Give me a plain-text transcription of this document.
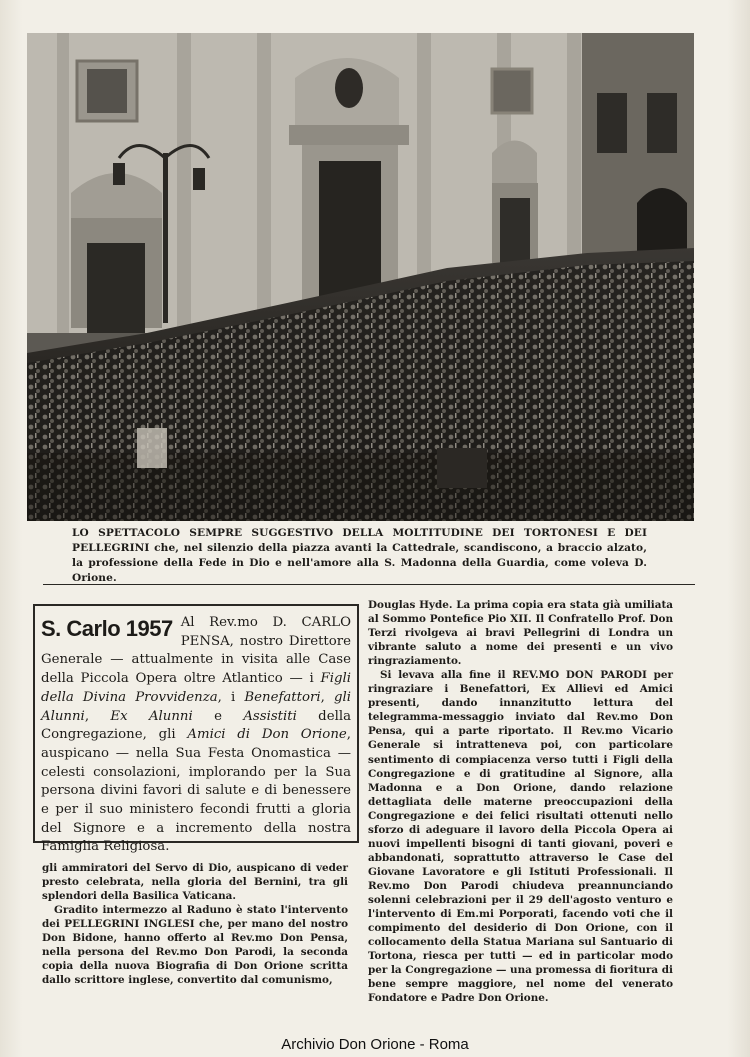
LO SPETTACOLO SEMPRE SUGGESTIVO DELLA MOLTITUDINE DEI TORTONESI E DEI PELLEGRINI che, nel silenzio della piazza avanti la Cattedrale, scandiscono, a braccio alzato, la professione della Fede in Dio e nell'amore alla S. Madonna della Guardia, come voleva D. Orione.
S. Carlo 1957 Al Rev.mo D. CARLO PENSA, nostro Direttore Generale — attualmente in visita alle Case della Piccola Opera oltre Atlantico — i Figli della Divina Provvidenza, i Benefattori, gli Alunni, Ex Alunni e Assistiti della Congregazione, gli Amici di Don Orione, auspicano — nella Sua Festa Onomastica — celesti consolazioni, implorando per la Sua persona divini favori di salute e di benessere e per il suo ministero fecondi frutti a gloria del Signore e a incremento della nostra Famiglia Religiosa.

gli ammiratori del Servo di Dio, auspicano di veder presto celebrata, nella gloria del Bernini, tra gli splendori della Basilica Vaticana.

Gradito intermezzo al Raduno è stato l'intervento dei PELLEGRINI INGLESI che, per mano del nostro Don Bidone, hanno offerto al Rev.mo Don Pensa, nella persona del Rev.mo Don Parodi, la seconda copia della nuova Biografia di Don Orione scritta dallo scrittore inglese, convertito dal comunismo,

Douglas Hyde. La prima copia era stata già umiliata al Sommo Pontefice Pio XII. Il Confratello Prof. Don Terzi rivolgeva ai bravi Pellegrini di Londra un vibrante saluto a nome dei presenti e un vivo ringraziamento.

Si levava alla fine il REV.MO DON PARODI per ringraziare i Benefattori, Ex Allievi ed Amici presenti, dando innanzitutto lettura del telegramma-messaggio inviato dal Rev.mo Don Pensa, qui a parte riportato. Il Rev.mo Vicario Generale si intratteneva poi, con particolare sentimento di compiacenza verso tutti i Figli della Congregazione e di gratitudine al Signore, alla Madonna e a Don Orione, dando relazione dettagliata delle materne preoccupazioni della Congregazione e dei felici risultati ottenuti nello sforzo di adeguare il lavoro della Piccola Opera ai nuovi impellenti bisogni di tanti giovani, poveri e abbandonati, soprattutto attraverso le Case del Giovane Lavoratore e gli Istituti Professionali. Il Rev.mo Don Parodi chiudeva preannunciando solenni celebrazioni per il 29 dell'agosto venturo e l'intervento di Em.mi Porporati, facendo voti che il compimento del desiderio di Don Orione, con il collocamento della Statua Mariana sul Santuario di Tortona, riesca per tutti — ed in particolar modo per la Congregazione — una promessa di fioritura di bene sempre maggiore, nel nome del venerato Fondatore e Padre Don Orione.

Archivio Don Orione - Roma
